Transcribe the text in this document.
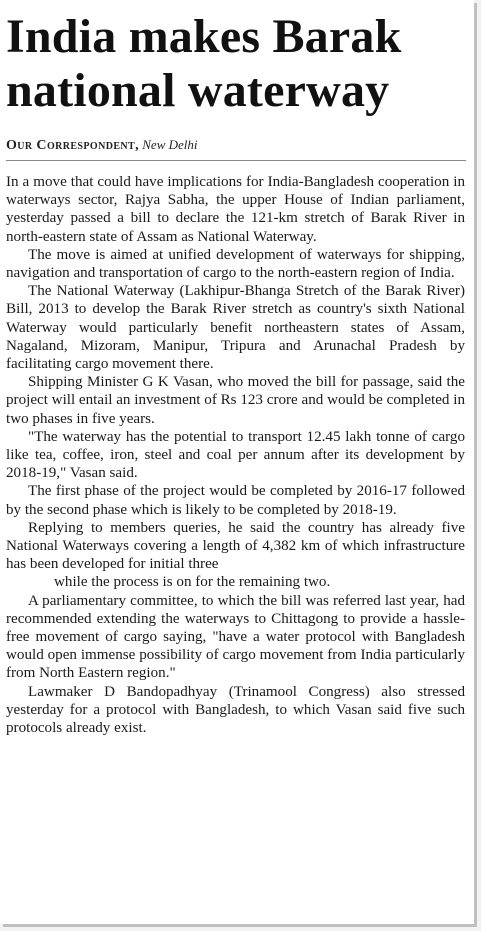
India makes Barak
national waterway
Our Correspondent, New Delhi

In a move that could have implications for India-Bangladesh cooperation in waterways sector, Rajya Sabha, the upper House of Indian parliament, yesterday passed a bill to declare the 121-km stretch of Barak River in north-eastern state of Assam as National Waterway.

The move is aimed at unified development of waterways for shipping, navigation and transportation of cargo to the north-eastern region of India.

The National Waterway (Lakhipur-Bhanga Stretch of the Barak River) Bill, 2013 to develop the Barak River stretch as country's sixth National Waterway would particularly benefit northeastern states of Assam, Nagaland, Mizoram, Manipur, Tripura and Arunachal Pradesh by facilitating cargo movement there.

Shipping Minister G K Vasan, who moved the bill for passage, said the project will entail an investment of Rs 123 crore and would be completed in two phases in five years.

"The waterway has the potential to transport 12.45 lakh tonne of cargo like tea, coffee, iron, steel and coal per annum after its development by 2018-19," Vasan said.

The first phase of the project would be completed by 2016-17 followed by the second phase which is likely to be completed by 2018-19.

Replying to members queries, he said the country has already five National Waterways covering a length of 4,382 km of which infrastructure has been developed for initial three

while the process is on for the remaining two.

A parliamentary committee, to which the bill was referred last year, had recommended extending the waterways to Chittagong to provide a hassle-free movement of cargo saying, "have a water protocol with Bangladesh would open immense possibility of cargo movement from India particularly from North Eastern region."

Lawmaker D Bandopadhyay (Trinamool Congress) also stressed yesterday for a protocol with Bangladesh, to which Vasan said five such protocols already exist.
